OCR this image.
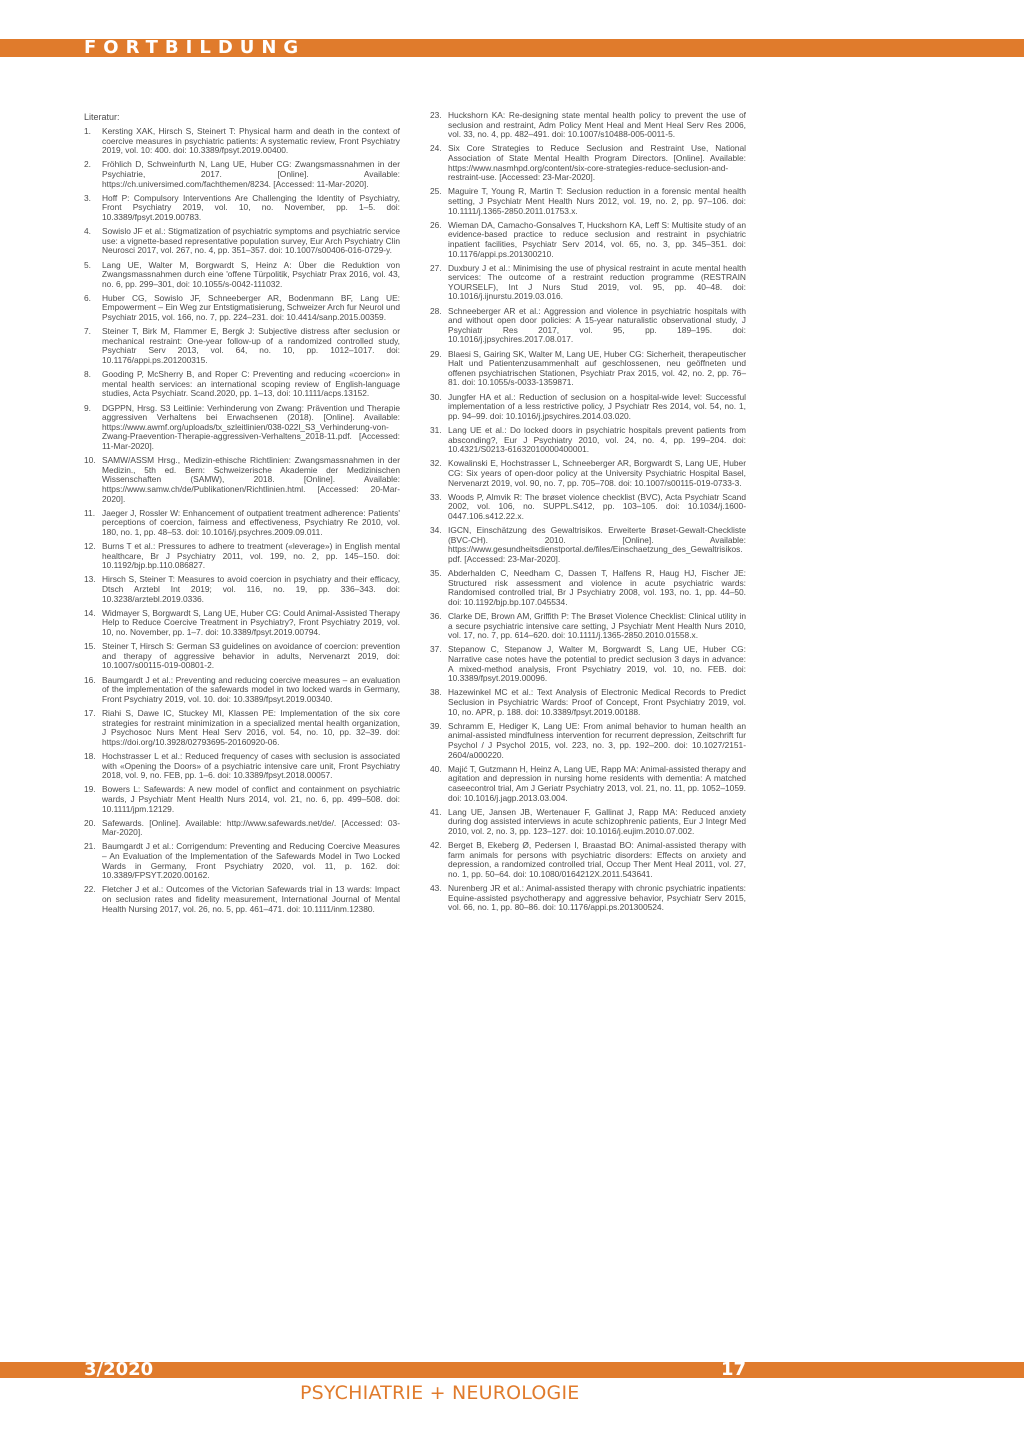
FORTBILDUNG
Literatur:
1.	Kersting XAK, Hirsch S, Steinert T: Physical harm and death in the context of coercive measures in psychiatric patients: A systematic review, Front Psychiatry 2019, vol. 10: 400. doi: 10.3389/fpsyt.2019.00400.
2.	Fröhlich D, Schweinfurth N, Lang UE, Huber CG: Zwangsmassnahmen in der Psychiatrie, 2017. [Online]. Available: https://ch.universimed.com/fachthemen/8234. [Accessed: 11-Mar-2020].
3.	Hoff P: Compulsory Interventions Are Challenging the Identity of Psychiatry, Front Psychiatry 2019, vol. 10, no. November, pp. 1–5. doi: 10.3389/fpsyt.2019.00783.
4.	Sowislo JF et al.: Stigmatization of psychiatric symptoms and psychiatric service use: a vignette-based representative population survey, Eur Arch Psychiatry Clin Neurosci 2017, vol. 267, no. 4, pp. 351–357. doi: 10.1007/s00406-016-0729-y.
5.	Lang UE, Walter M, Borgwardt S, Heinz A: Über die Reduktion von Zwangsmassnahmen durch eine 'offene Türpolitik, Psychiatr Prax 2016, vol. 43, no. 6, pp. 299–301, doi: 10.1055/s-0042-111032.
6.	Huber CG, Sowislo JF, Schneeberger AR, Bodenmann BF, Lang UE: Empowerment – Ein Weg zur Entstigmatisierung, Schweizer Arch fur Neurol und Psychiatr 2015, vol. 166, no. 7, pp. 224–231. doi: 10.4414/sanp.2015.00359.
7.	Steiner T, Birk M, Flammer E, Bergk J: Subjective distress after seclusion or mechanical restraint: One-year follow-up of a randomized controlled study, Psychiatr Serv 2013, vol. 64, no. 10, pp. 1012–1017. doi: 10.1176/appi.ps.201200315.
8.	Gooding P, McSherry B, and Roper C: Preventing and reducing «coercion» in mental health services: an international scoping review of English-language studies, Acta Psychiatr. Scand.2020, pp. 1–13, doi: 10.1111/acps.13152.
9.	DGPPN, Hrsg. S3 Leitlinie: Verhinderung von Zwang: Prävention und Therapie aggressiven Verhaltens bei Erwachsenen (2018). [Online]. Available: https://www.awmf.org/uploads/tx_szleitlinien/038-022l_S3_Verhinderung-von-Zwang-Praevention-Therapie-aggressiven-Verhaltens_2018-11.pdf. [Accessed: 11-Mar-2020].
10. SAMW/ASSM Hrsg., Medizin-ethische Richtlinien: Zwangsmassnahmen in der Medizin., 5th ed. Bern: Schweizerische Akademie der Medizinischen Wissenschaften (SAMW), 2018. [Online]. Available: https://www.samw.ch/de/Publikationen/Richtlinien.html. [Accessed: 20-Mar-2020].
11. Jaeger J, Rossler W: Enhancement of outpatient treatment adherence: Patients' perceptions of coercion, fairness and effectiveness, Psychiatry Re 2010, vol. 180, no. 1, pp. 48–53. doi: 10.1016/j.psychres.2009.09.011.
12. Burns T et al.: Pressures to adhere to treatment («leverage») in English mental healthcare, Br J Psychiatry 2011, vol. 199, no. 2, pp. 145–150. doi: 10.1192/bjp.bp.110.086827.
13. Hirsch S, Steiner T: Measures to avoid coercion in psychiatry and their efficacy, Dtsch Arztebl Int 2019; vol. 116, no. 19, pp. 336–343. doi: 10.3238/arztebl.2019.0336.
14. Widmayer S, Borgwardt S, Lang UE, Huber CG: Could Animal-Assisted Therapy Help to Reduce Coercive Treatment in Psychiatry?, Front Psychiatry 2019, vol. 10, no. November, pp. 1–7. doi: 10.3389/fpsyt.2019.00794.
15. Steiner T, Hirsch S: German S3 guidelines on avoidance of coercion: prevention and therapy of aggressive behavior in adults, Nervenarzt 2019, doi: 10.1007/s00115-019-00801-2.
16. Baumgardt J et al.: Preventing and reducing coercive measures – an evaluation of the implementation of the safewards model in two locked wards in Germany, Front Psychiatry 2019, vol. 10. doi: 10.3389/fpsyt.2019.00340.
17. Riahi S, Dawe IC, Stuckey MI, Klassen PE: Implementation of the six core strategies for restraint minimization in a specialized mental health organization, J Psychosoc Nurs Ment Heal Serv 2016, vol. 54, no. 10, pp. 32–39. doi: https://doi.org/10.3928/02793695-20160920-06.
18. Hochstrasser L et al.: Reduced frequency of cases with seclusion is associated with «Opening the Doors» of a psychiatric intensive care unit, Front Psychiatry 2018, vol. 9, no. FEB, pp. 1–6. doi: 10.3389/fpsyt.2018.00057.
19. Bowers L: Safewards: A new model of conflict and containment on psychiatric wards, J Psychiatr Ment Health Nurs 2014, vol. 21, no. 6, pp. 499–508. doi: 10.1111/jpm.12129.
20. Safewards. [Online]. Available: http://www.safewards.net/de/. [Accessed: 03-Mar-2020].
21. Baumgardt J et al.: Corrigendum: Preventing and Reducing Coercive Measures – An Evaluation of the Implementation of the Safewards Model in Two Locked Wards in Germany, Front Psychiatry 2020, vol. 11, p. 162. doi: 10.3389/FPSYT.2020.00162.
22. Fletcher J et al.: Outcomes of the Victorian Safewards trial in 13 wards: Impact on seclusion rates and fidelity measurement, International Journal of Mental Health Nursing 2017, vol. 26, no. 5, pp. 461–471. doi: 10.1111/inm.12380.
23. Huckshorn KA: Re-designing state mental health policy to prevent the use of seclusion and restraint, Adm Policy Ment Heal and Ment Heal Serv Res 2006, vol. 33, no. 4, pp. 482–491. doi: 10.1007/s10488-005-0011-5.
24. Six Core Strategies to Reduce Seclusion and Restraint Use, National Association of State Mental Health Program Directors. [Online]. Available: https://www.nasmhpd.org/content/six-core-strategies-reduce-seclusion-and-restraint-use. [Accessed: 23-Mar-2020].
25. Maguire T, Young R, Martin T: Seclusion reduction in a forensic mental health setting, J Psychiatr Ment Health Nurs 2012, vol. 19, no. 2, pp. 97–106. doi: 10.1111/j.1365-2850.2011.01753.x.
26. Wieman DA, Camacho-Gonsalves T, Huckshorn KA, Leff S: Multisite study of an evidence-based practice to reduce seclusion and restraint in psychiatric inpatient facilities, Psychiatr Serv 2014, vol. 65, no. 3, pp. 345–351. doi: 10.1176/appi.ps.201300210.
27. Duxbury J et al.: Minimising the use of physical restraint in acute mental health services: The outcome of a restraint reduction programme (RESTRAIN YOURSELF), Int J Nurs Stud 2019, vol. 95, pp. 40–48. doi: 10.1016/j.ijnurstu.2019.03.016.
28. Schneeberger AR et al.: Aggression and violence in psychiatric hospitals with and without open door policies: A 15-year naturalistic observational study, J Psychiatr Res 2017, vol. 95, pp. 189–195. doi: 10.1016/j.jpsychires.2017.08.017.
29. Blaesi S, Gairing SK, Walter M, Lang UE, Huber CG: Sicherheit, therapeutischer Halt und Patientenzusammenhalt auf geschlossenen, neu geöffneten und offenen psychiatrischen Stationen, Psychiatr Prax 2015, vol. 42, no. 2, pp. 76–81. doi: 10.1055/s-0033-1359871.
30. Jungfer HA et al.: Reduction of seclusion on a hospital-wide level: Successful implementation of a less restrictive policy, J Psychiatr Res 2014, vol. 54, no. 1, pp. 94–99. doi: 10.1016/j.jpsychires.2014.03.020.
31. Lang UE et al.: Do locked doors in psychiatric hospitals prevent patients from absconding?, Eur J Psychiatry 2010, vol. 24, no. 4, pp. 199–204. doi: 10.4321/S0213-61632010000400001.
32. Kowalinski E, Hochstrasser L, Schneeberger AR, Borgwardt S, Lang UE, Huber CG: Six years of open-door policy at the University Psychiatric Hospital Basel, Nervenarzt 2019, vol. 90, no. 7, pp. 705–708. doi: 10.1007/s00115-019-0733-3.
33. Woods P, Almvik R: The brøset violence checklist (BVC), Acta Psychiatr Scand 2002, vol. 106, no. SUPPL.S412, pp. 103–105. doi: 10.1034/j.1600-0447.106.s412.22.x.
34. IGCN, Einschätzung des Gewaltrisikos. Erweiterte Brøset-Gewalt-Checkliste (BVC-CH). 2010. [Online]. Available: https://www.gesundheitsdienstportal.de/files/Einschaetzung_des_Gewaltrisikos.pdf. [Accessed: 23-Mar-2020].
35. Abderhalden C, Needham C, Dassen T, Halfens R, Haug HJ, Fischer JE: Structured risk assessment and violence in acute psychiatric wards: Randomised controlled trial, Br J Psychiatry 2008, vol. 193, no. 1, pp. 44–50. doi: 10.1192/bjp.bp.107.045534.
36. Clarke DE, Brown AM, Griffith P: The Brøset Violence Checklist: Clinical utility in a secure psychiatric intensive care setting, J Psychiatr Ment Health Nurs 2010, vol. 17, no. 7, pp. 614–620. doi: 10.1111/j.1365-2850.2010.01558.x.
37. Stepanow C, Stepanow J, Walter M, Borgwardt S, Lang UE, Huber CG: Narrative case notes have the potential to predict seclusion 3 days in advance: A mixed-method analysis, Front Psychiatry 2019, vol. 10, no. FEB. doi: 10.3389/fpsyt.2019.00096.
38. Hazewinkel MC et al.: Text Analysis of Electronic Medical Records to Predict Seclusion in Psychiatric Wards: Proof of Concept, Front Psychiatry 2019, vol. 10, no. APR, p. 188. doi: 10.3389/fpsyt.2019.00188.
39. Schramm E, Hediger K, Lang UE: From animal behavior to human health an animal-assisted mindfulness intervention for recurrent depression, Zeitschrift fur Psychol / J Psychol 2015, vol. 223, no. 3, pp. 192–200. doi: 10.1027/2151-2604/a000220.
40. Majić T, Gutzmann H, Heinz A, Lang UE, Rapp MA: Animal-assisted therapy and agitation and depression in nursing home residents with dementia: A matched caseecontrol trial, Am J Geriatr Psychiatry 2013, vol. 21, no. 11, pp. 1052–1059. doi: 10.1016/j.jagp.2013.03.004.
41. Lang UE, Jansen JB, Wertenauer F, Gallinat J, Rapp MA: Reduced anxiety during dog assisted interviews in acute schizophrenic patients, Eur J Integr Med 2010, vol. 2, no. 3, pp. 123–127. doi: 10.1016/j.eujim.2010.07.002.
42. Berget B, Ekeberg Ø, Pedersen I, Braastad BO: Animal-assisted therapy with farm animals for persons with psychiatric disorders: Effects on anxiety and depression, a randomized controlled trial, Occup Ther Ment Heal 2011, vol. 27, no. 1, pp. 50–64. doi: 10.1080/0164212X.2011.543641.
43. Nurenberg JR et al.: Animal-assisted therapy with chronic psychiatric inpatients: Equine-assisted psychotherapy and aggressive behavior, Psychiatr Serv 2015, vol. 66, no. 1, pp. 80–86. doi: 10.1176/appi.ps.201300524.
3/2020	17
PSYCHIATRIE + NEUROLOGIE
